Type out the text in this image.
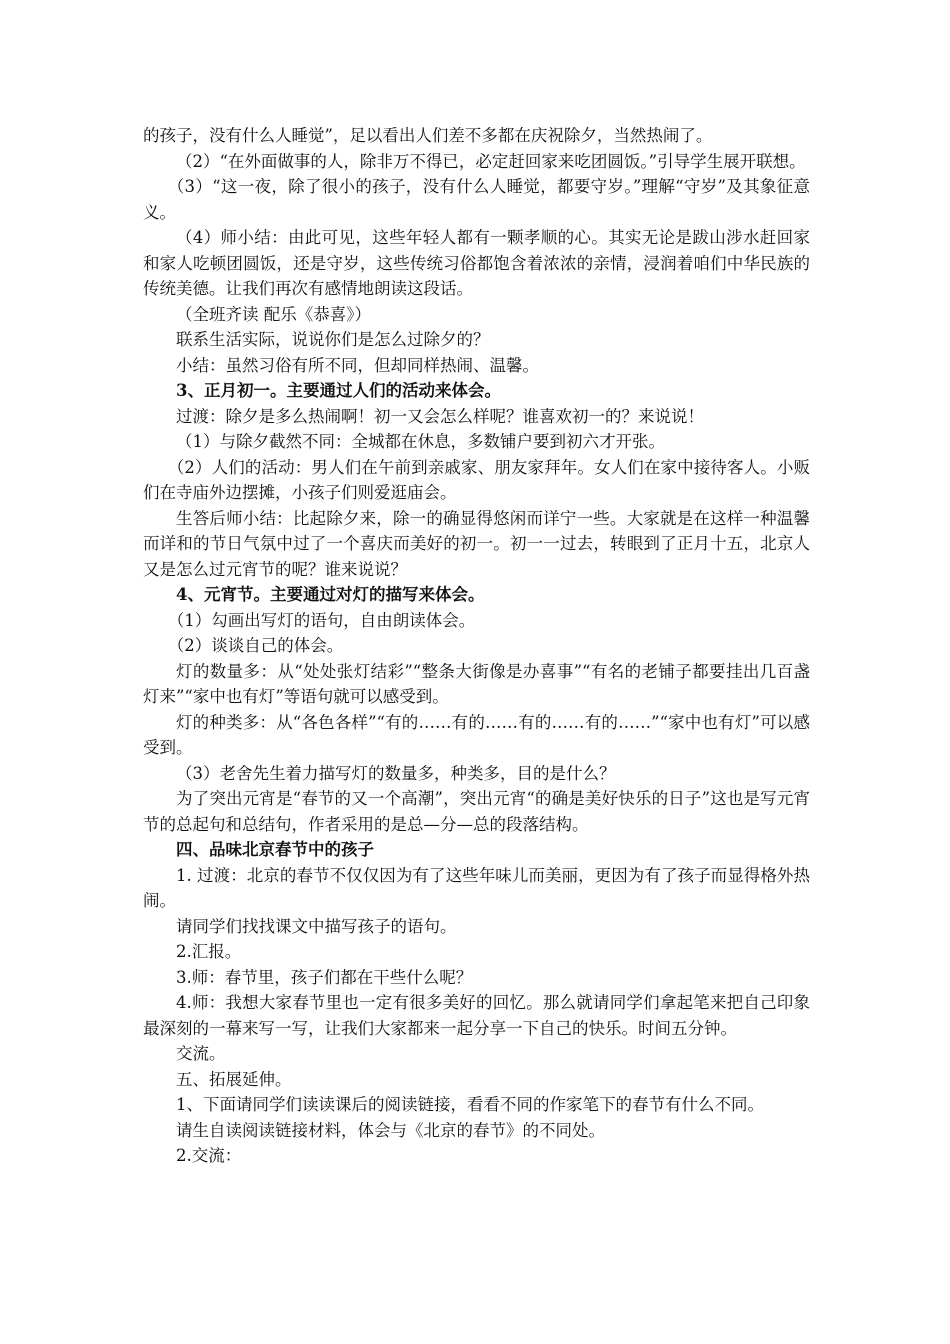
的孩子，没有什么人睡觉”，足以看出人们差不多都在庆祝除夕，当然热闹了。

（2）“在外面做事的人，除非万不得已，必定赶回家来吃团圆饭。”引导学生展开联想。

（3）“这一夜，除了很小的孩子，没有什么人睡觉，都要守岁。”理解“守岁”及其象征意义。

（4）师小结：由此可见，这些年轻人都有一颗孝顺的心。其实无论是跋山涉水赶回家和家人吃顿团圆饭，还是守岁，这些传统习俗都饱含着浓浓的亲情，浸润着咱们中华民族的传统美德。让我们再次有感情地朗读这段话。

（全班齐读 配乐《恭喜》）

联系生活实际，说说你们是怎么过除夕的？

小结：虽然习俗有所不同，但却同样热闹、温馨。

3、正月初一。主要通过人们的活动来体会。

过渡：除夕是多么热闹啊！初一又会怎么样呢？谁喜欢初一的？来说说！

（1）与除夕截然不同：全城都在休息，多数铺户要到初六才开张。

（2）人们的活动：男人们在午前到亲戚家、朋友家拜年。女人们在家中接待客人。小贩们在寺庙外边摆摊，小孩子们则爱逛庙会。

生答后师小结：比起除夕来，除一的确显得悠闲而详宁一些。大家就是在这样一种温馨而详和的节日气氛中过了一个喜庆而美好的初一。初一一过去，转眼到了正月十五，北京人又是怎么过元宵节的呢？谁来说说？

4、元宵节。主要通过对灯的描写来体会。

（1）勾画出写灯的语句，自由朗读体会。

（2）谈谈自己的体会。

灯的数量多：从“处处张灯结彩”“整条大街像是办喜事”“有名的老铺子都要挂出几百盏灯来”“家中也有灯”等语句就可以感受到。

灯的种类多：从“各色各样”“有的……有的……有的……有的……”“家中也有灯”可以感受到。

（3）老舍先生着力描写灯的数量多，种类多，目的是什么？

为了突出元宵是“春节的又一个高潮”，突出元宵“的确是美好快乐的日子”这也是写元宵节的总起句和总结句，作者采用的是总—分—总的段落结构。

四、品味北京春节中的孩子

1. 过渡：北京的春节不仅仅因为有了这些年味儿而美丽，更因为有了孩子而显得格外热闹。

请同学们找找课文中描写孩子的语句。

2.汇报。

3.师：春节里，孩子们都在干些什么呢？

4.师：我想大家春节里也一定有很多美好的回忆。那么就请同学们拿起笔来把自己印象最深刻的一幕来写一写，让我们大家都来一起分享一下自己的快乐。时间五分钟。

交流。

五、拓展延伸。

1、下面请同学们读读课后的阅读链接，看看不同的作家笔下的春节有什么不同。

请生自读阅读链接材料，体会与《北京的春节》的不同处。

2.交流：
